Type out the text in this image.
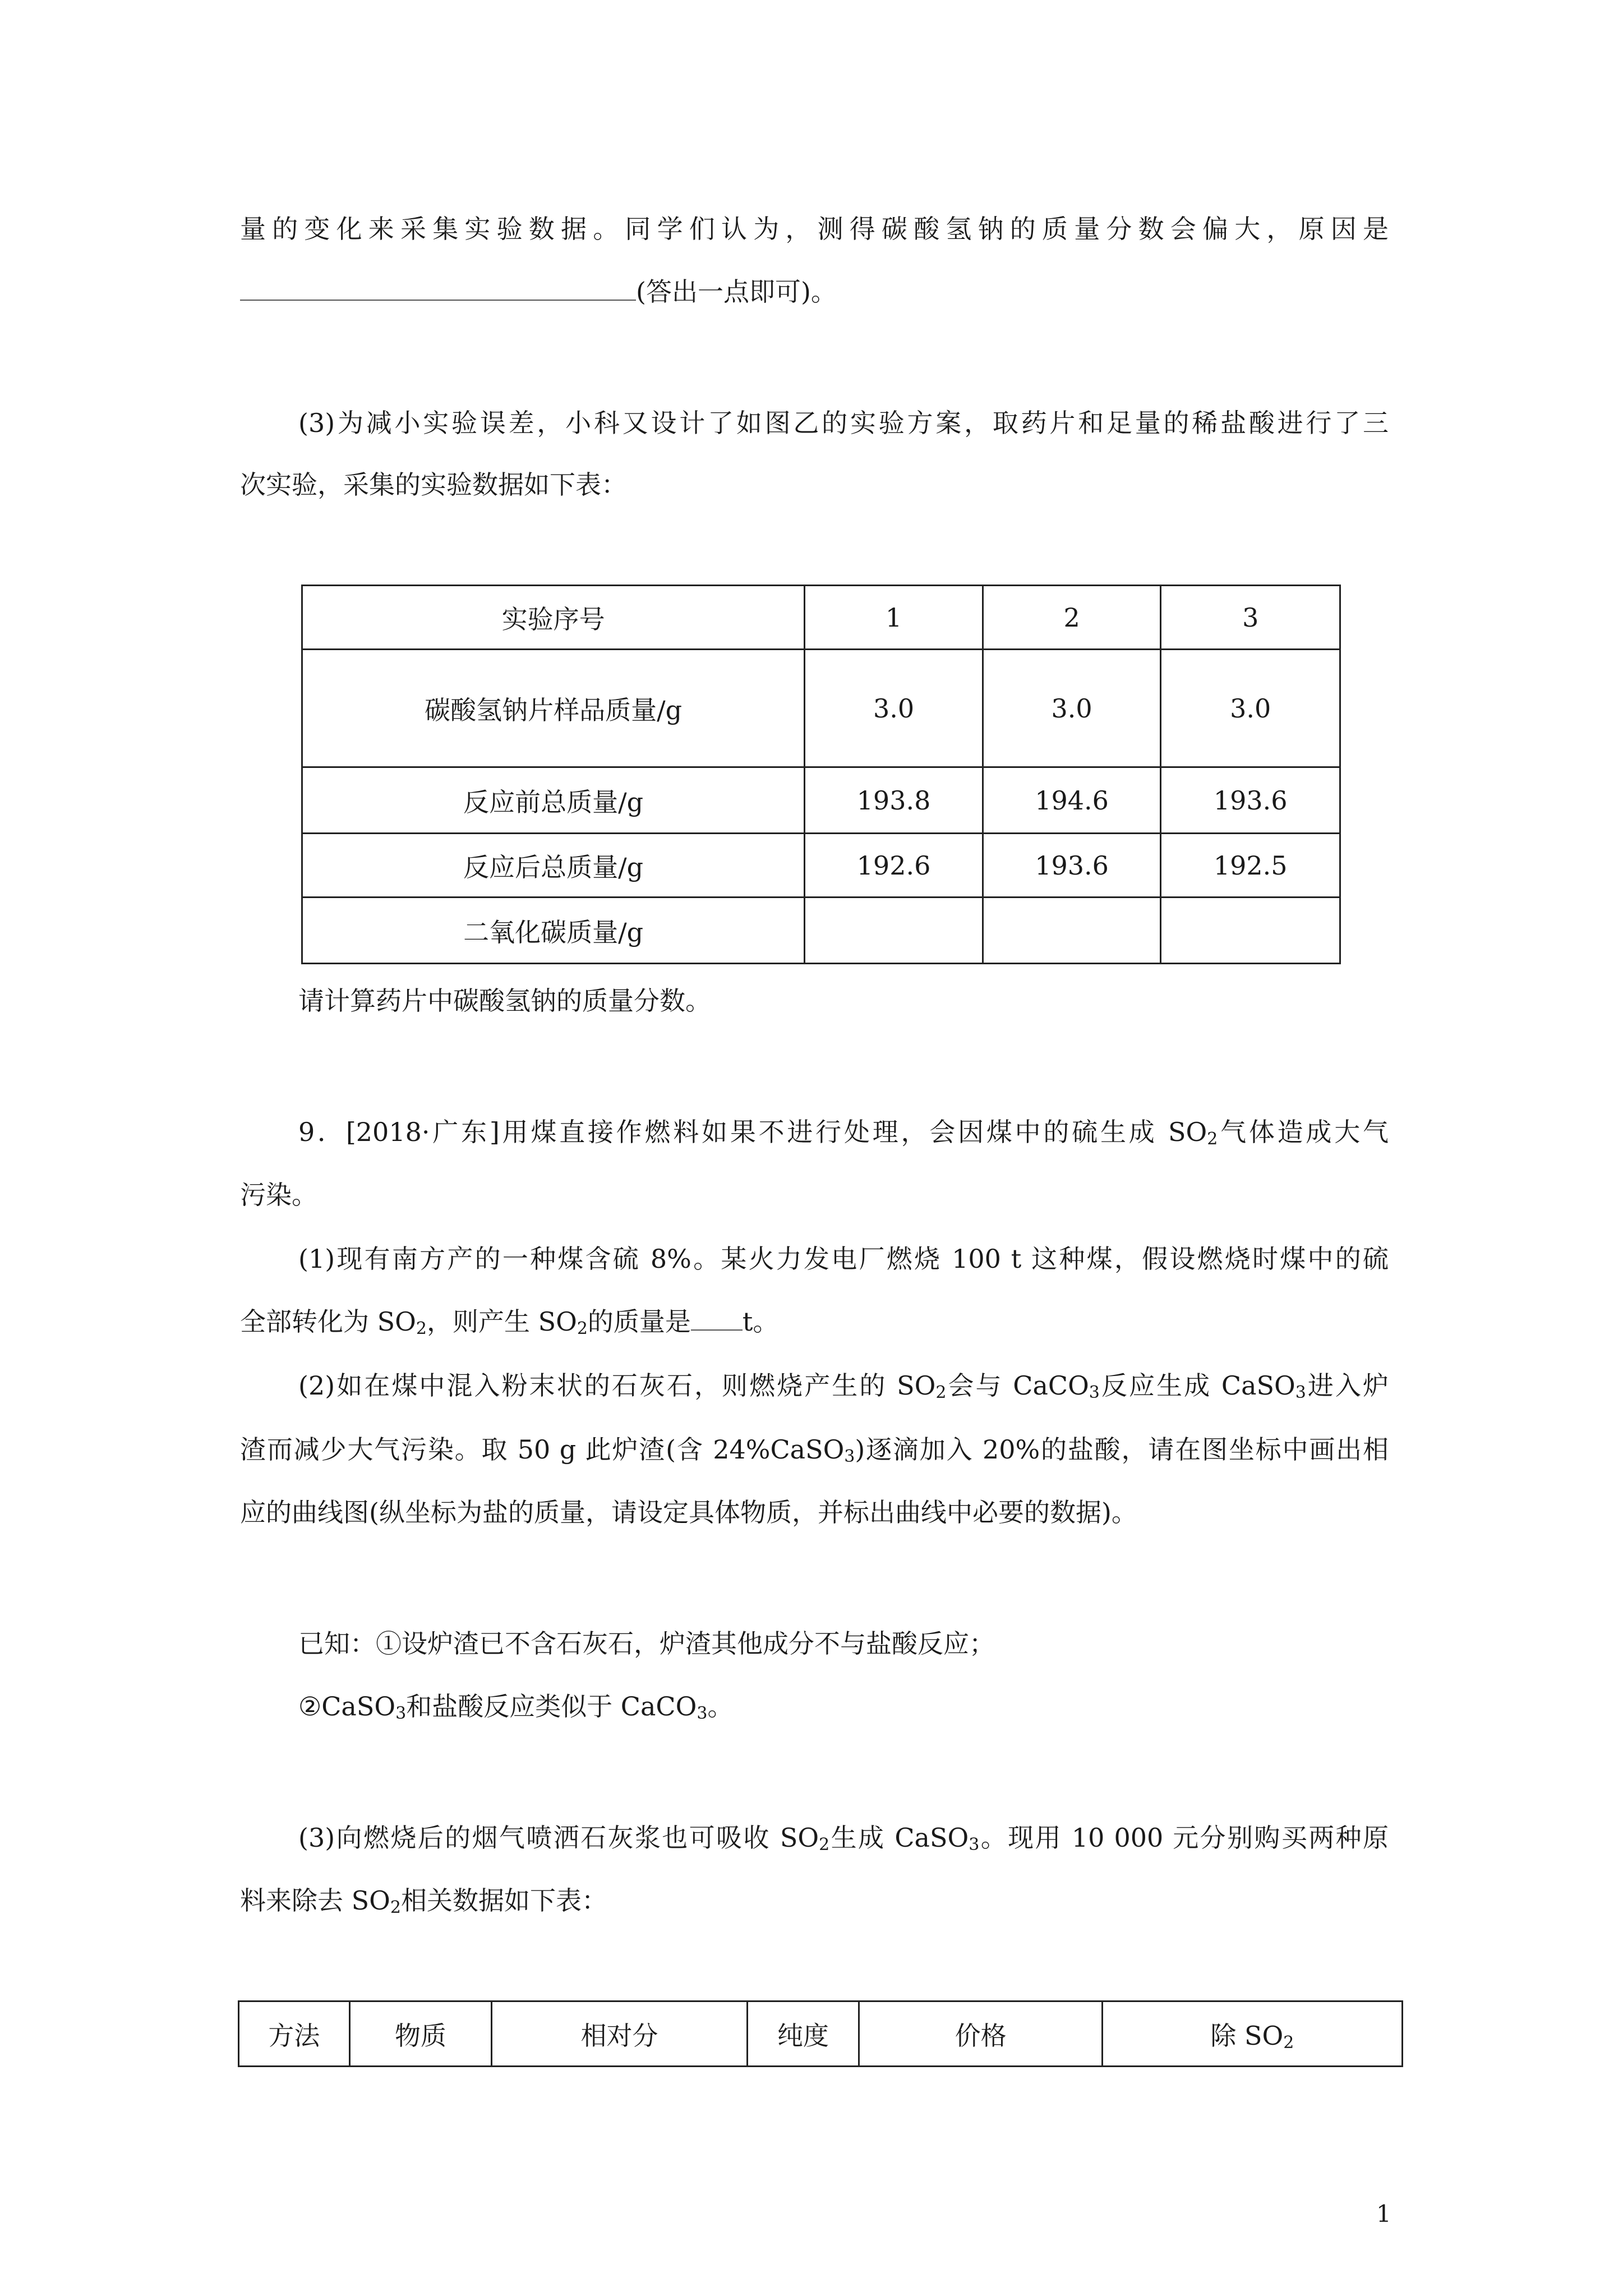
量的变化来采集实验数据。同学们认为，测得碳酸氢钠的质量分数会偏大，原因是
(答出一点即可)。
(3)为减小实验误差，小科又设计了如图乙的实验方案，取药片和足量的稀盐酸进行了三
次实验，采集的实验数据如下表：
实验序号	1	2	3
碳酸氢钠片样品质量/g	3.0	3.0	3.0
反应前总质量/g	193.8	194.6	193.6
反应后总质量/g	192.6	193.6	192.5
二氧化碳质量/g			
请计算药片中碳酸氢钠的质量分数。
9．[2018·广东]用煤直接作燃料如果不进行处理，会因煤中的硫生成 $SO_2$气体造成大气
污染。
(1)现有南方产的一种煤含硫 8%。某火力发电厂燃烧 100 t 这种煤，假设燃烧时煤中的硫
全部转化为 $SO_2$，则产生 $SO_2$的质量是 t。
(2)如在煤中混入粉末状的石灰石，则燃烧产生的 $SO_2$会与 CaCO$_3$反应生成 CaSO$_3$进入炉
渣而减少大气污染。取 50 g 此炉渣(含 24%CaSO$_3$)逐滴加入 20%的盐酸，请在图坐标中画出相
应的曲线图(纵坐标为盐的质量，请设定具体物质，并标出曲线中必要的数据)。
已知：①设炉渣已不含石灰石，炉渣其他成分不与盐酸反应；
②CaSO$_3$和盐酸反应类似于 CaCO$_3$。
(3)向燃烧后的烟气喷洒石灰浆也可吸收 $SO_2$生成 CaSO$_3$。现用 10 000 元分别购买两种原
料来除去 $SO_2$相关数据如下表：
方法	物质	相对分	纯度	价格	除 $SO_2$
1
